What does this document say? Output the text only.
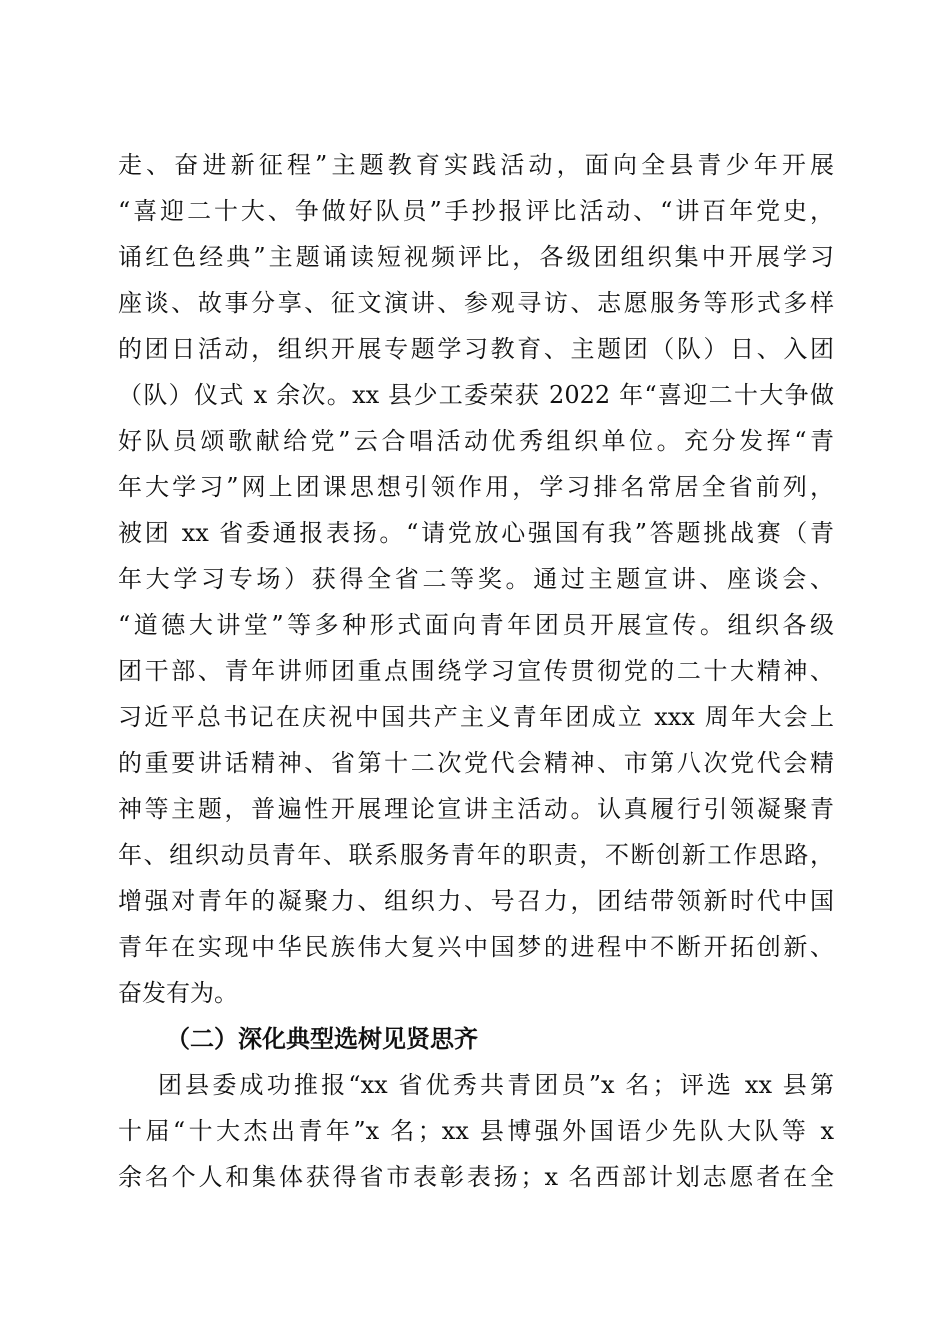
走、奋进新征程”主题教育实践活动，面向全县青少年开展
“喜迎二十大、争做好队员”手抄报评比活动、“讲百年党史，
诵红色经典”主题诵读短视频评比，各级团组织集中开展学习
座谈、故事分享、征文演讲、参观寻访、志愿服务等形式多样
的团日活动，组织开展专题学习教育、主题团（队）日、入团
（队）仪式 x 余次。xx 县少工委荣获 2022 年“喜迎二十大争做
好队员颂歌献给党”云合唱活动优秀组织单位。充分发挥“青
年大学习”网上团课思想引领作用，学习排名常居全省前列，
被团 xx 省委通报表扬。“请党放心强国有我”答题挑战赛（青
年大学习专场）获得全省二等奖。通过主题宣讲、座谈会、
“道德大讲堂”等多种形式面向青年团员开展宣传。组织各级
团干部、青年讲师团重点围绕学习宣传贯彻党的二十大精神、
习近平总书记在庆祝中国共产主义青年团成立 xxx 周年大会上
的重要讲话精神、省第十二次党代会精神、市第八次党代会精
神等主题，普遍性开展理论宣讲主活动。认真履行引领凝聚青
年、组织动员青年、联系服务青年的职责，不断创新工作思路，
增强对青年的凝聚力、组织力、号召力，团结带领新时代中国
青年在实现中华民族伟大复兴中国梦的进程中不断开拓创新、
奋发有为。
（二）深化典型选树见贤思齐
团县委成功推报“xx 省优秀共青团员”x 名；评选 xx 县第
十届“十大杰出青年”x 名；xx 县博强外国语少先队大队等 x
余名个人和集体获得省市表彰表扬；x 名西部计划志愿者在全
